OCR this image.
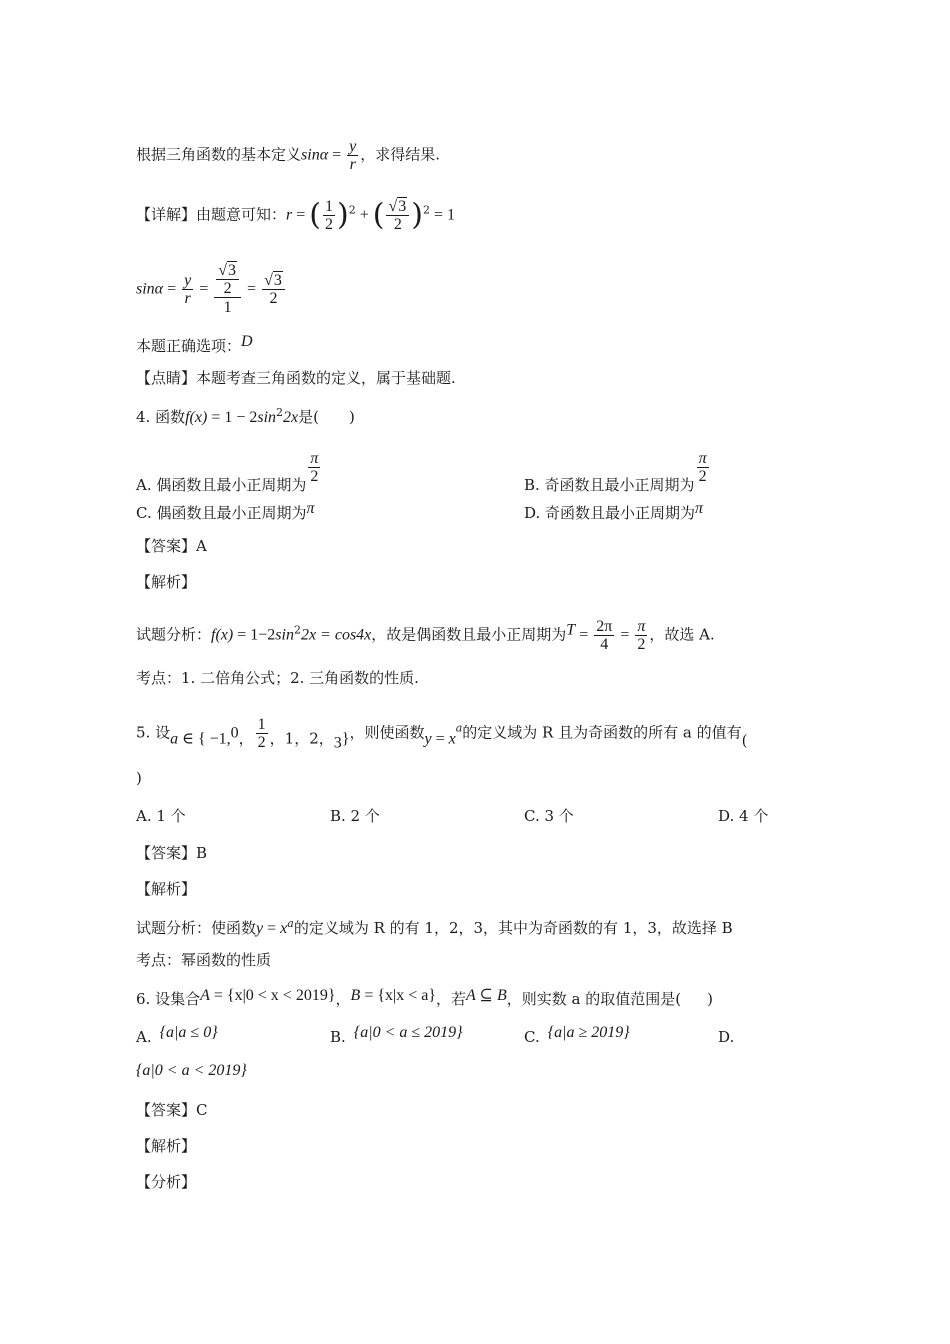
根据三角函数的基本定义$\sin\alpha = \frac{y}{r}$ ，求得结果.
【详解】由题意可知：r = ( $\frac{1}{2} )^2$ + ( $\frac{√3}{2} )^2 = 1$
$\sin\alpha = \frac{y}{r} = \frac{\frac{√3}{2}}{1} = \frac{√3}{2}$
本题正确选项：D
【点睛】本题考查三角函数的定义，属于基础题.
4. 函数$f(x) = 1 - 2\sin^22x$是( )
A. 偶函数且最小正周期为 $\frac{\pi}{2}$	B. 奇函数且最小正周期为 $\frac{\pi}{2}$
C. 偶函数且最小正周期为π	D. 奇函数且最小正周期为π
【答案】A
【解析】
试题分析：$f(x) = 1-2\sin^22x = \cos 4x$，故是偶函数且最小正周期为$T = \frac{2\pi}{4} = \frac{\pi}{2}$ ，故选 A.
考点：1. 二倍角公式；2. 三角函数的性质.
5. 设a ∈ { −1,0， $\frac{1}{2}$ ，1，2，3}，则使函数$y = x^a$的定义域为 R 且为奇函数的所有 a 的值有(
)
A. 1 个	B. 2 个	C. 3 个	D. 4 个
【答案】B
【解析】
试题分析：使函数$y = x^a$的定义域为 R 的有 1，2，3，其中为奇函数的有 1，3，故选择 B
考点：幂函数的性质
6. 设集合A = {x|0 < x < 2019}，B = {x|x < a}，若A ⊆ B，则实数 a 的取值范围是( )
A. {a|a ≤ 0}	B. {a|0 < a ≤ 2019}	C. {a|a ≥ 2019}	D.
{a|0 < a < 2019}
【答案】C
【解析】
【分析】
